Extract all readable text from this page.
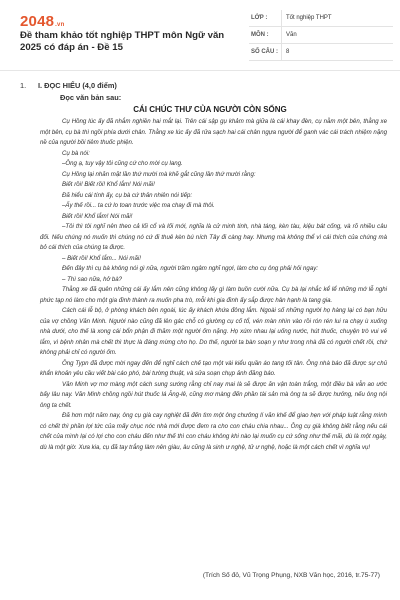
2048.vn
Đề tham khảo tốt nghiệp THPT môn Ngữ văn 2025 có đáp án - Đề 15
LỚP :	Tốt nghiệp THPT
MÔN :	Văn
SỐ CÂU :	8
1. I. ĐỌC HIỂU (4,0 điểm)
Đọc văn bản sau:
CÁI CHÚC THƯ CỦA NGƯỜI CÒN SỐNG

Cụ Hồng lúc ấy đã nhắm nghiền hai mắt lại. Trên cái sập gụ khảm mà giữa là cái khay đèn, cụ nằm một bên, thằng xe một bên, cụ bà thì ngồi phía dưới chân. Thằng xe lúc ấy đã rửa sạch hai cái chân ngựa người để ganh vác cái trách nhiệm nặng nề của người bồi tiêm thuốc phiện.

Cụ bà nói:

–Ông ạ, tuy vậy tôi cũng cứ cho mời cụ lang.

Cụ Hồng lại nhăn mặt lần thứ mười mà khẽ gắt cũng lần thứ mười rằng:

Biết rồi! Biết rồi! Khổ lắm! Nói mãi!

Đã hiểu cái tính ấy, cụ bà cứ thản nhiên nói tiếp:

–Ấy thế rồi... ta cứ lo toan trước việc ma chay đi mà thôi.

Biết rồi! Khổ lắm! Nói mãi!

–Tôi thì tôi nghĩ nên theo cả lối cổ và lối mới, nghĩa là cử minh tinh, nhà táng, kèn tàu, kiệu bát cống, và rõ nhiều câu đối. Nếu chúng nó muốn thì chúng nó cứ đi thuê kèn bú ních Tây đi càng hay. Nhưng mà không thể vì cái thích của chúng mà bỏ cái thích của chúng ta được.

– Biết rồi! Khổ lắm... Nói mãi!

Đến đây thì cụ bà không nói gì nữa, người trầm ngâm nghĩ ngợi, làm cho cụ ông phải hỏi ngay:

– Thì sao nữa, hở bà?

Thằng xe đã quên những cái ấy lắm nên cũng không lấy gì làm buồn cười nữa. Cụ bà lại nhắc kể lể những mớ lễ nghi phức tạp nó làm cho một gia đình thành ra muốn pha trò, mỗi khi gia đình ấy sắp được hân hạnh là tang gia.

Cách cái lễ bộ, ở phòng khách bên ngoài, lúc ấy khách khứa đông lắm. Ngoài số những người họ hàng lại có bạn hữu của vợ chồng Văn Minh. Người nào cũng đã lên gác chỗ có giường cụ cố tổ, vén màn nhìn vào rồi rón rén lui ra chạy ù xuống nhà dưới, cho thế là xong cái bổn phận đi thăm một người ốm nặng. Họ xúm nhau lại uống nước, hút thuốc, chuyện trò vui vẻ lắm, vì bệnh nhân mà chết thì thực là đáng mừng cho họ. Do thế, người ta bàn soạn y như trong nhà đã có người chết rồi, chứ không phải chỉ có người ốm.

Ông Typn đã được mời ngay đến để nghĩ cách chế tạo một vài kiểu quần áo tang tối tân. Ông nhà báo đã được sự chủ khẩn khoản yêu cầu viết bài cáo phó, bài tường thuật, và sửa soạn chụp ảnh đăng báo.

Văn Minh vợ mơ màng một cách sung sướng rằng chỉ nay mai là sẽ được ăn vận toàn trắng, một điều bà vẫn ao ước bấy lâu nay. Văn Minh chồng ngồi hút thuốc lá Ăng-lê, cũng mơ màng đến phần tài sản mà ông ta sẽ được hưởng, nếu ông nội ông ta chết.

Đã hơn một năm nay, ông cụ già cay nghiệt đã đến tìm một ông chưởng lí văn khế để giao hẹn với pháp luật rằng mình có chết thì phần lợi tức của mấy chục nóc nhà mới được đem ra cho con cháu chia nhau... Ông cụ già không biết rằng nếu cái chết của mình lại có lợi cho con cháu đến như thế thì con cháu không khi nào lại muốn cụ cứ sống như thế mãi, dù là một ngày, dù là một giờ. Xưa kia, cụ đã tay trắng làm nên giàu, âu cũng là sinh ư nghệ, tử ư nghệ, hoặc là một cách chết vì nghĩa vụ!

(Trích Số đỏ, Vũ Trọng Phụng, NXB Văn học, 2016, tr.75-77)
